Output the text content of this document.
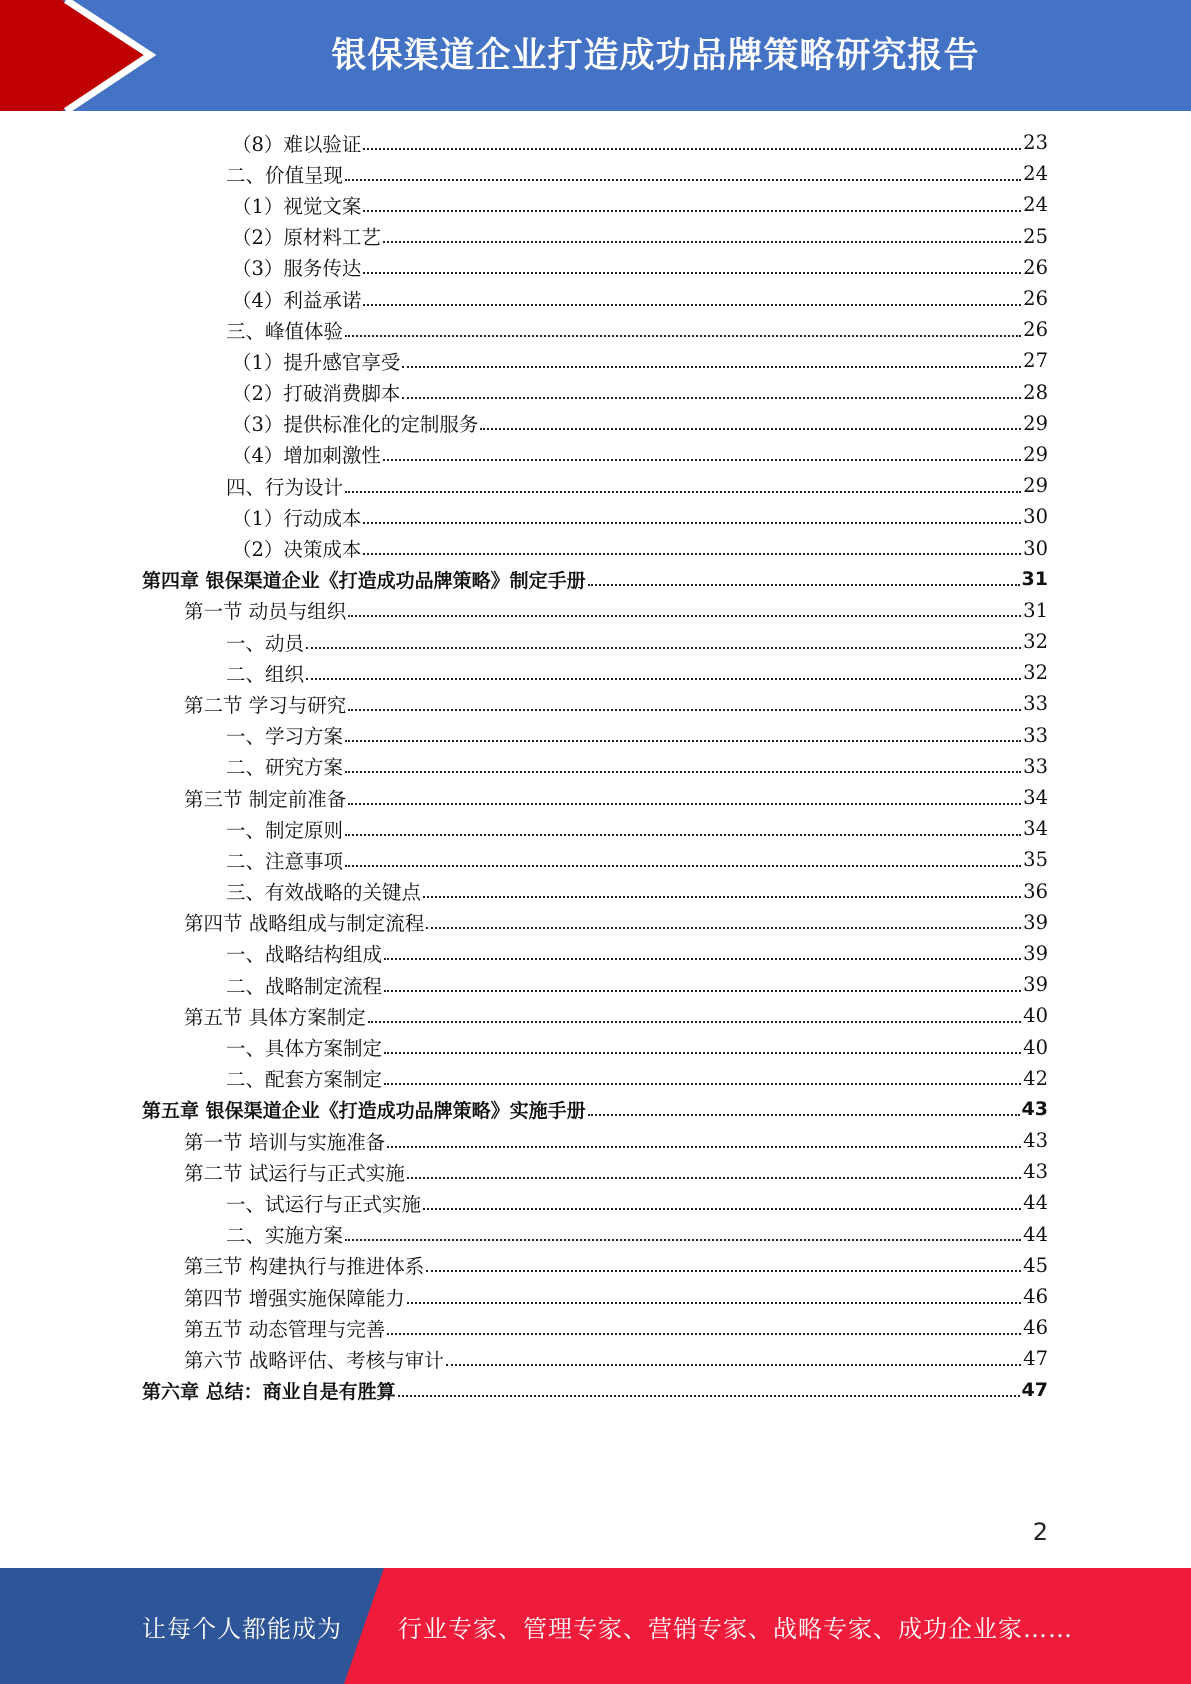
银保渠道企业打造成功品牌策略研究报告
（8）难以验证	23
二、价值呈现	24
（1）视觉文案	24
（2）原材料工艺	25
（3）服务传达	26
（4）利益承诺	26
三、峰值体验	26
（1）提升感官享受	27
（2）打破消费脚本	28
（3）提供标准化的定制服务	29
（4）增加刺激性	29
四、行为设计	29
（1）行动成本	30
（2）决策成本	30
第四章 银保渠道企业《打造成功品牌策略》制定手册	31
第一节 动员与组织	31
一、动员	32
二、组织	32
第二节 学习与研究	33
一、学习方案	33
二、研究方案	33
第三节 制定前准备	34
一、制定原则	34
二、注意事项	35
三、有效战略的关键点	36
第四节 战略组成与制定流程	39
一、战略结构组成	39
二、战略制定流程	39
第五节 具体方案制定	40
一、具体方案制定	40
二、配套方案制定	42
第五章 银保渠道企业《打造成功品牌策略》实施手册	43
第一节 培训与实施准备	43
第二节 试运行与正式实施	43
一、试运行与正式实施	44
二、实施方案	44
第三节 构建执行与推进体系	45
第四节 增强实施保障能力	46
第五节 动态管理与完善	46
第六节 战略评估、考核与审计	47
第六章 总结：商业自是有胜算	47
2
让每个人都能成为 行业专家、管理专家、营销专家、战略专家、成功企业家……
